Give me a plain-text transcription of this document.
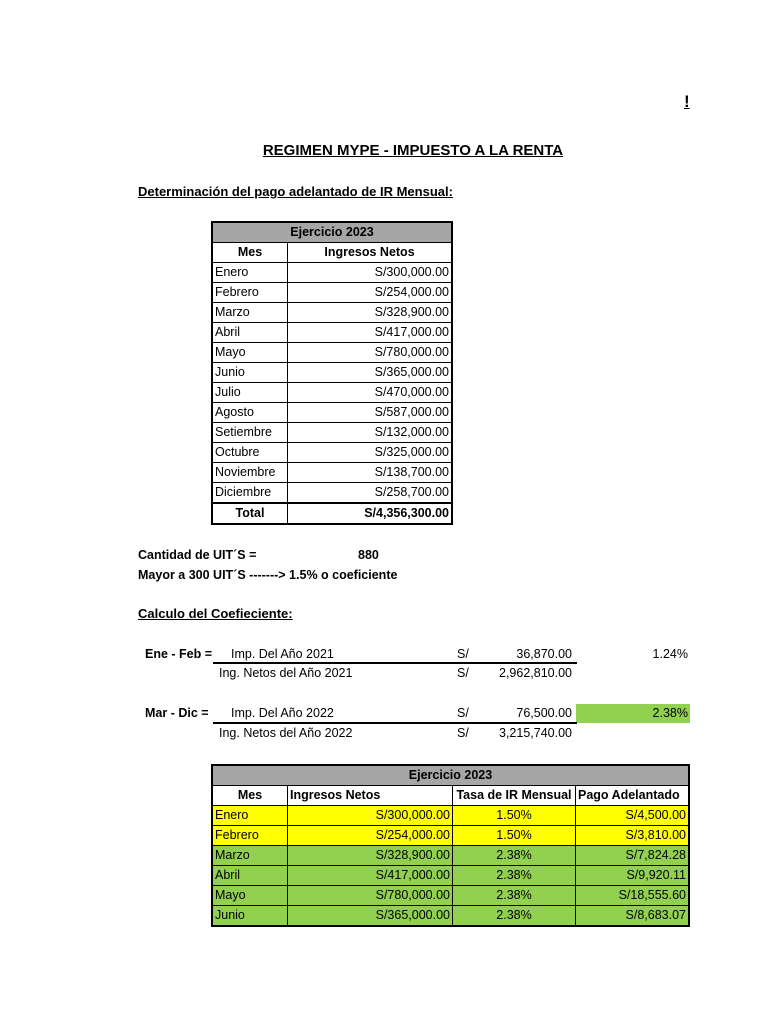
!
REGIMEN MYPE - IMPUESTO A LA RENTA
Determinación del pago adelantado de IR Mensual:
Ejercicio 2023	
Mes	Ingresos Netos
Enero	S/300,000.00
Febrero	S/254,000.00
Marzo	S/328,900.00
Abril	S/417,000.00
Mayo	S/780,000.00
Junio	S/365,000.00
Julio	S/470,000.00
Agosto	S/587,000.00
Setiembre	S/132,000.00
Octubre	S/325,000.00
Noviembre	S/138,700.00
Diciembre	S/258,700.00
Total	S/4,356,300.00
Cantidad de UIT´S =	880
Mayor a 300 UIT´S -------> 1.5% o coeficiente
Calculo del Coefieciente:
Ene - Feb = Imp. Del Año 2021	S/	36,870.00	1.24%
Ing. Netos del Año 2021	S/	2,962,810.00
Mar - Dic = Imp. Del Año 2022	S/	76,500.00	2.38%
Ing. Netos del Año 2022	S/	3,215,740.00
Ejercicio 2023			
Mes	Ingresos Netos	Tasa de IR Mensual	Pago Adelantado
Enero	S/300,000.00	1.50%	S/4,500.00
Febrero	S/254,000.00	1.50%	S/3,810.00
Marzo	S/328,900.00	2.38%	S/7,824.28
Abril	S/417,000.00	2.38%	S/9,920.11
Mayo	S/780,000.00	2.38%	S/18,555.60
Junio	S/365,000.00	2.38%	S/8,683.07
